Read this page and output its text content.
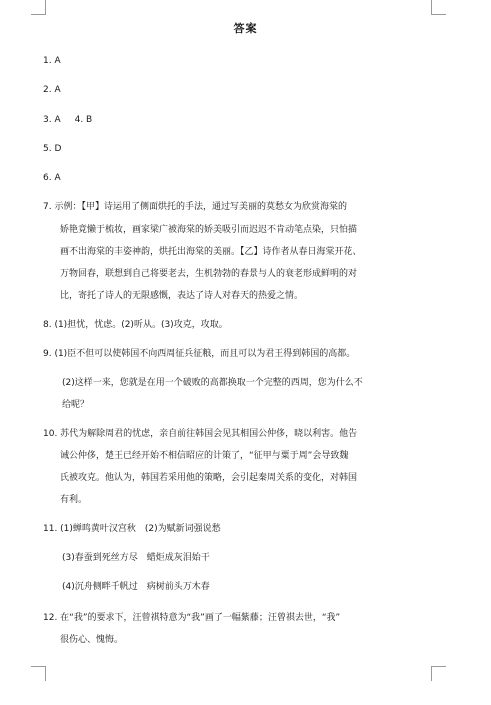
答案
1. A
2. A
3. A 4. B
5. D
6. A
7. 示例：【甲】诗运用了侧面烘托的手法，通过写美丽的莫愁女为欣赏海棠的
娇艳竟懒于梳妆，画家梁广被海棠的娇美吸引而迟迟不肯动笔点染，只怕描
画不出海棠的丰姿神韵，烘托出海棠的美丽。【乙】诗作者从春日海棠开花、
万物回春，联想到自己将要老去，生机勃勃的春景与人的衰老形成鲜明的对
比，寄托了诗人的无限感慨，表达了诗人对春天的热爱之情。
8. (1)担忧，忧虑。(2)听从。(3)攻克，攻取。
9. (1)臣不但可以使韩国不向西周征兵征粮，而且可以为君王得到韩国的高都。
(2)这样一来，您就是在用一个破败的高都换取一个完整的西周，您为什么不
给呢？
10. 苏代为解除周君的忧虑，亲自前往韩国会见其相国公仲侈，晓以利害。他告
诫公仲侈，楚王已经开始不相信昭应的计策了，“征甲与粟于周”会导致魏
氏被攻克。他认为，韩国若采用他的策略，会引起秦周关系的变化，对韩国
有利。
11. (1)蝉鸣黄叶汉宫秋　(2)为赋新词强说愁
(3)春蚕到死丝方尽　蜡炬成灰泪始干
(4)沉舟侧畔千帆过　病树前头万木春
12. 在“我”的要求下，汪曾祺特意为“我”画了一幅紫藤；汪曾祺去世，“我”
很伤心、愧悔。
